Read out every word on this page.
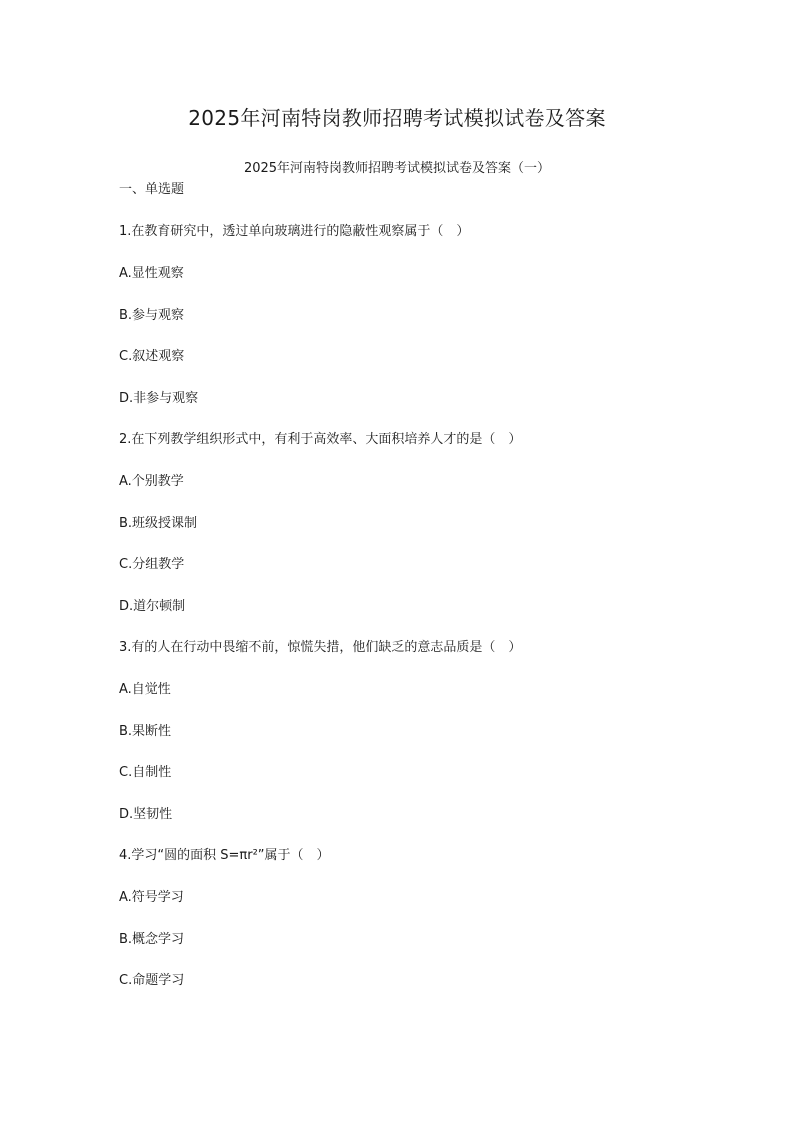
2025年河南特岗教师招聘考试模拟试卷及答案
2025年河南特岗教师招聘考试模拟试卷及答案（一）
一、单选题
1.在教育研究中，透过单向玻璃进行的隐蔽性观察属于（　）
A.显性观察
B.参与观察
C.叙述观察
D.非参与观察
2.在下列教学组织形式中，有利于高效率、大面积培养人才的是（　）
A.个别教学
B.班级授课制
C.分组教学
D.道尔顿制
3.有的人在行动中畏缩不前，惊慌失措，他们缺乏的意志品质是（　）
A.自觉性
B.果断性
C.自制性
D.坚韧性
4.学习“圆的面积 S=πr²”属于（　）
A.符号学习
B.概念学习
C.命题学习
